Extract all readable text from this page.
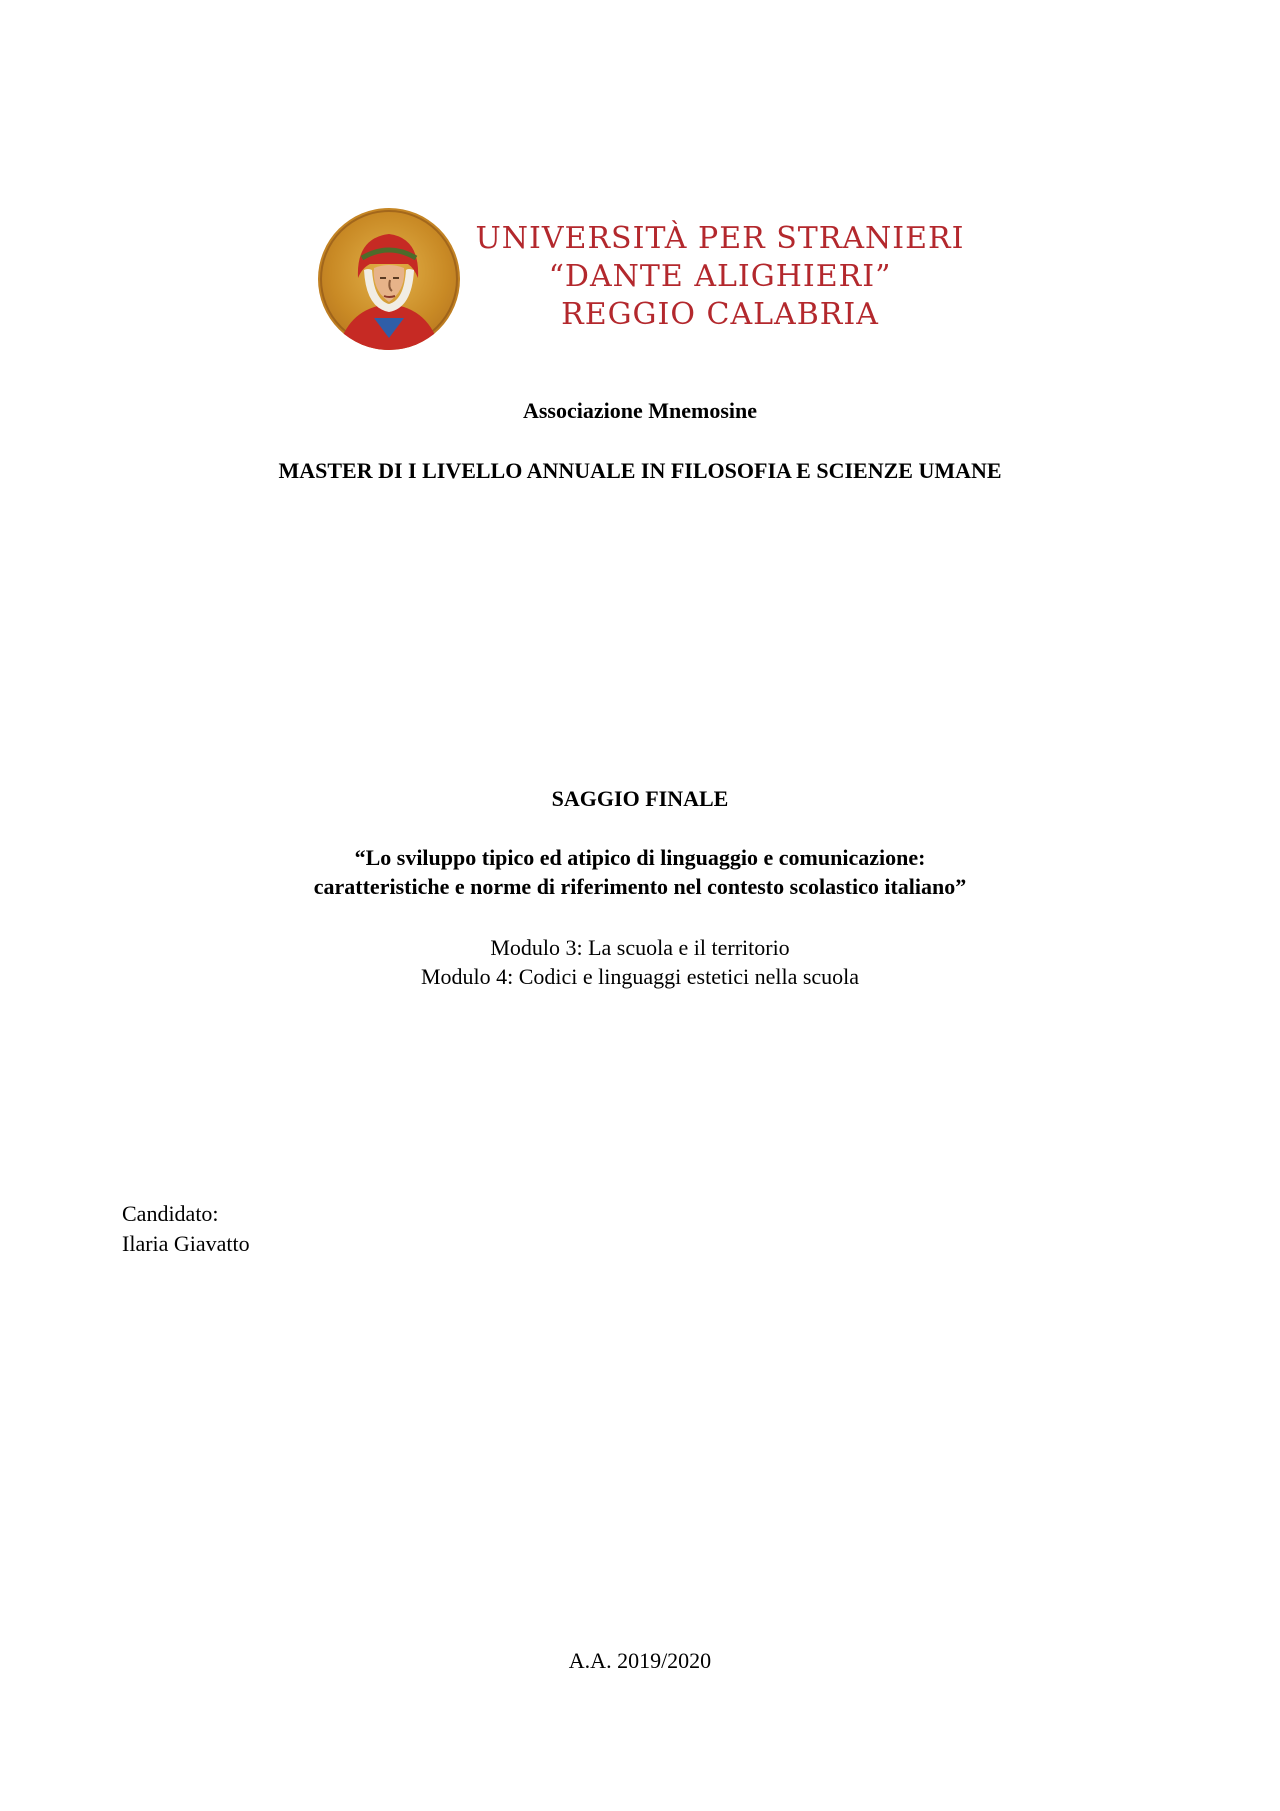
UNIVERSITÀ PER STRANIERI
“DANTE ALIGHIERI”
REGGIO CALABRIA
Associazione Mnemosine
MASTER DI I LIVELLO ANNUALE IN FILOSOFIA E SCIENZE UMANE
SAGGIO FINALE
“Lo sviluppo tipico ed atipico di linguaggio e comunicazione:
caratteristiche e norme di riferimento nel contesto scolastico italiano”
Modulo 3: La scuola e il territorio
Modulo 4: Codici e linguaggi estetici nella scuola
Candidato:
Ilaria Giavatto
A.A. 2019/2020
